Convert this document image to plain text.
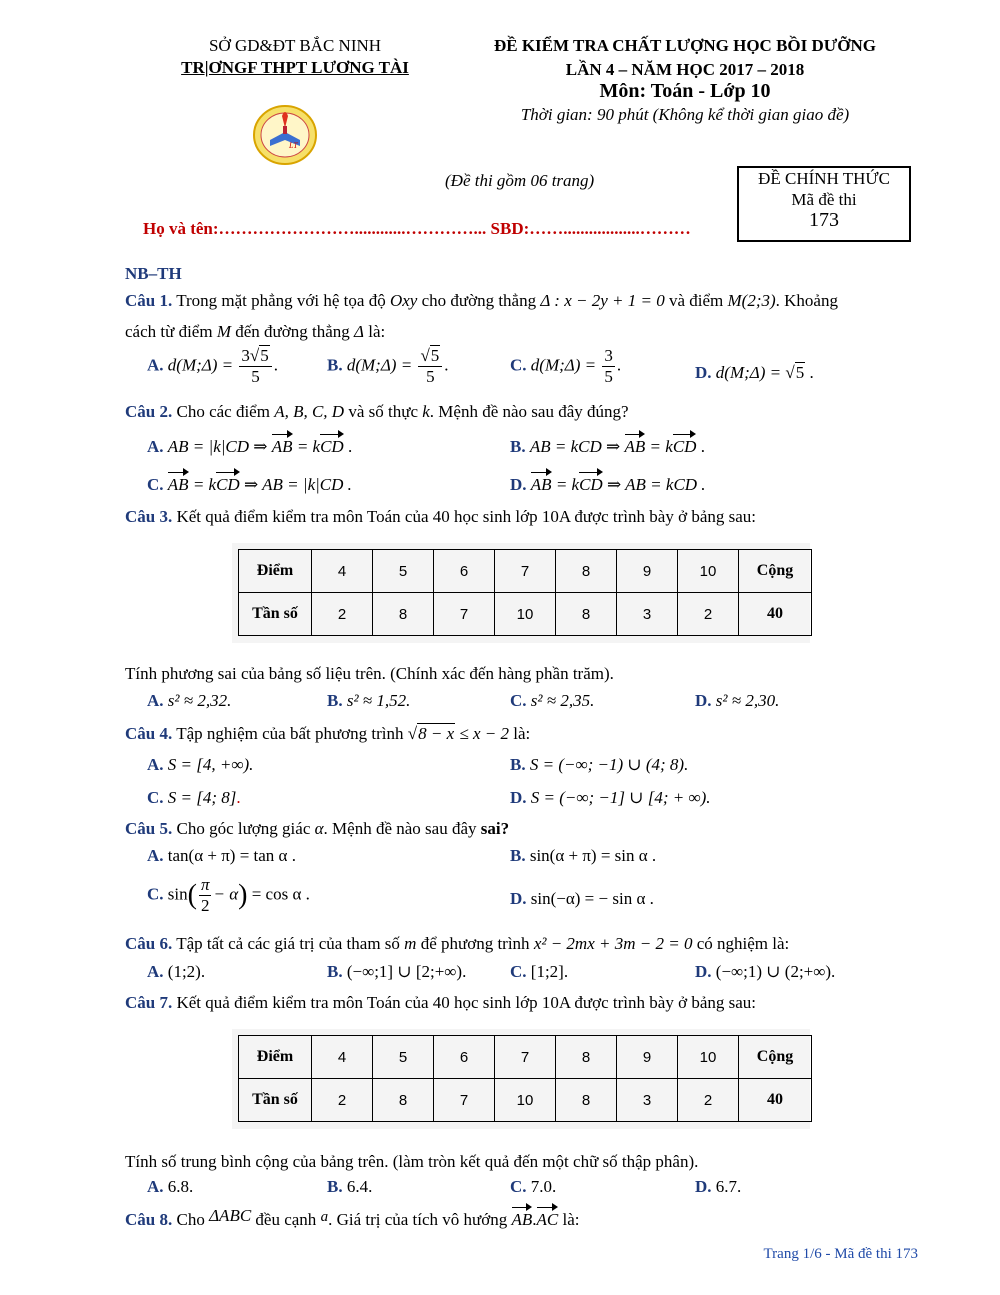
SỞ GD&ĐT BẮC NINH
TR|ƠNGF THPT LƯƠNG TÀI
ĐỀ KIỂM TRA CHẤT LƯỢNG HỌC BỒI DƯỠNG
LẦN 4 – NĂM HỌC 2017 – 2018
Môn: Toán - Lớp 10
Thời gian: 90 phút (Không kể thời gian giao đề)
LT
(Đề thi gồm 06 trang)	ĐỀ CHÍNH THỨC
Mã đề thi
173
Họ và tên:……………………............…………... SBD:……..................………
NB–TH
Câu 1. Trong mặt phẳng với hệ tọa độ Oxy cho đường thẳng Δ : x − 2y + 1 = 0 và điểm M(2;3). Khoảng
cách từ điểm M đến đường thẳng Δ là:
A. d(M;Δ) = $\frac{3√5}{5}$ .	B. d(M;Δ) = $\frac{√5}{5}$ .	C. d(M;Δ) = $\frac{3}{5}$ .	D. d(M;Δ) = √5 .
Câu 2. Cho các điểm A, B, C, D và số thực k. Mệnh đề nào sau đây đúng?
A. AB = |k|CD ⇒ AB = kCD .	B. AB = kCD ⇒ AB = kCD .
C. AB = kCD ⇒ AB = |k|CD .	D. AB = kCD ⇒ AB = kCD .
Câu 3. Kết quả điểm kiểm tra môn Toán của 40 học sinh lớp 10A được trình bày ở bảng sau:
Điểm	4	5	6	7	8	9	10	Cộng
Tần số	2	8	7	10	8	3	2	40
Tính phương sai của bảng số liệu trên. (Chính xác đến hàng phần trăm).
A. s² ≈ 2,32.	B. s² ≈ 1,52.	C. s² ≈ 2,35.	D. s² ≈ 2,30.
Câu 4. Tập nghiệm của bất phương trình √8 − x ≤ x − 2 là:
A. S = [4, +∞).	B. S = (−∞; −1) ∪ (4; 8).
C. S = [4; 8].	D. S = (−∞; −1] ∪ [4; + ∞).
Câu 5. Cho góc lượng giác α. Mệnh đề nào sau đây sai?
A. tan(α + π) = tan α .	B. sin(α + π) = sin α .
C. $\sin( \frac{\pi}{2} - \alpha) = \cos \alpha$ .	D. sin(−α) = − sin α .
Câu 6. Tập tất cả các giá trị của tham số m để phương trình x² − 2mx + 3m − 2 = 0 có nghiệm là:
A. (1;2).	B. (−∞;1] ∪ [2;+∞).	C. [1;2].	D. (−∞;1) ∪ (2;+∞).
Câu 7. Kết quả điểm kiểm tra môn Toán của 40 học sinh lớp 10A được trình bày ở bảng sau:
Điểm	4	5	6	7	8	9	10	Cộng
Tần số	2	8	7	10	8	3	2	40
Tính số trung bình cộng của bảng trên. (làm tròn kết quả đến một chữ số thập phân).
A. 6.8.	B. 6.4.	C. 7.0.	D. 6.7.
Câu 8. Cho ΔABC đều cạnh a. Giá trị của tích vô hướng AB.AC là:
Trang 1/6 - Mã đề thi 173
